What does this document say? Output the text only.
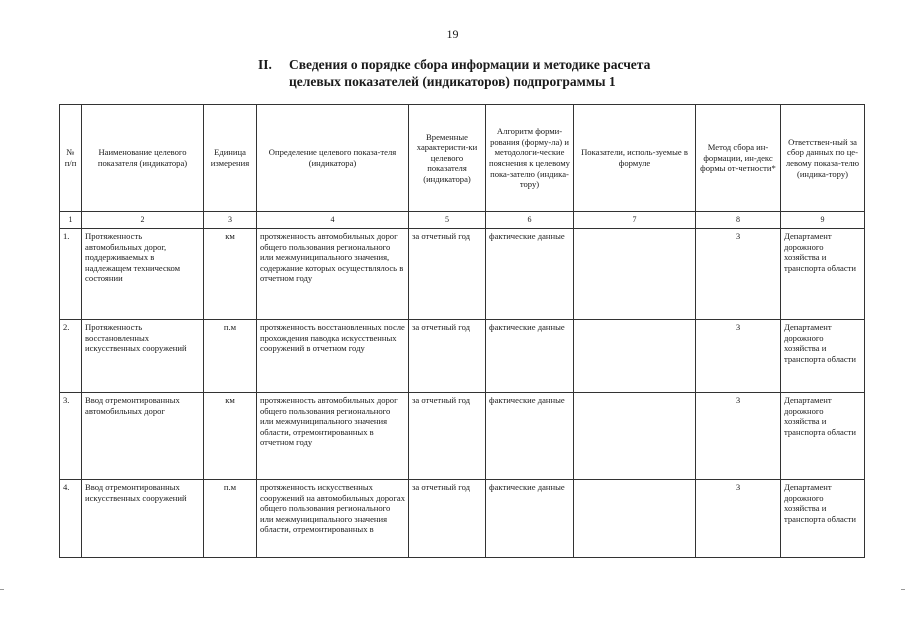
19
II. Сведения о порядке сбора информации и методике расчета
целевых показателей (индикаторов) подпрограммы 1
№ п/п	Наименование целевого показателя (индикатора)	Единица измерения	Определение целевого показа-теля (индикатора)	Временные характеристи-ки целевого показателя (индикатора)	Алгоритм форми-рования (форму-ла) и методологи-ческие пояснения к целевому пока-зателю (индика-тору)	Показатели, исполь-зуемые в формуле	Метод сбора ин-формации, ин-декс формы от-четности*	Ответствен-ный за сбор данных по це-левому показа-телю (индика-тору)
1	2	3	4	5	6	7	8	9
1.	Протяженность автомобильных дорог, поддерживаемых в надлежащем техническом состоянии	км	протяженность автомобильных дорог общего пользования регионального или межмуниципального значения, содержание которых осуществлялось в отчетном году	за отчетный год	фактические данные		3	Департамент дорожного хозяйства и транспорта области
2.	Протяженность восстановленных искусственных сооружений	п.м	протяженность восстановленных после прохождения паводка искусственных сооружений в отчетном году	за отчетный год	фактические данные		3	Департамент дорожного хозяйства и транспорта области
3.	Ввод отремонтированных автомобильных дорог	км	протяженность автомобильных дорог общего пользования регионального или межмуниципального значения области, отремонтированных в отчетном году	за отчетный год	фактические данные		3	Департамент дорожного хозяйства и транспорта области
4.	Ввод отремонтированных искусственных сооружений	п.м	протяженность искусственных сооружений на автомобильных дорогах общего пользования регионального или межмуниципального значения области, отремонтированных в	за отчетный год	фактические данные		3	Департамент дорожного хозяйства и транспорта области
